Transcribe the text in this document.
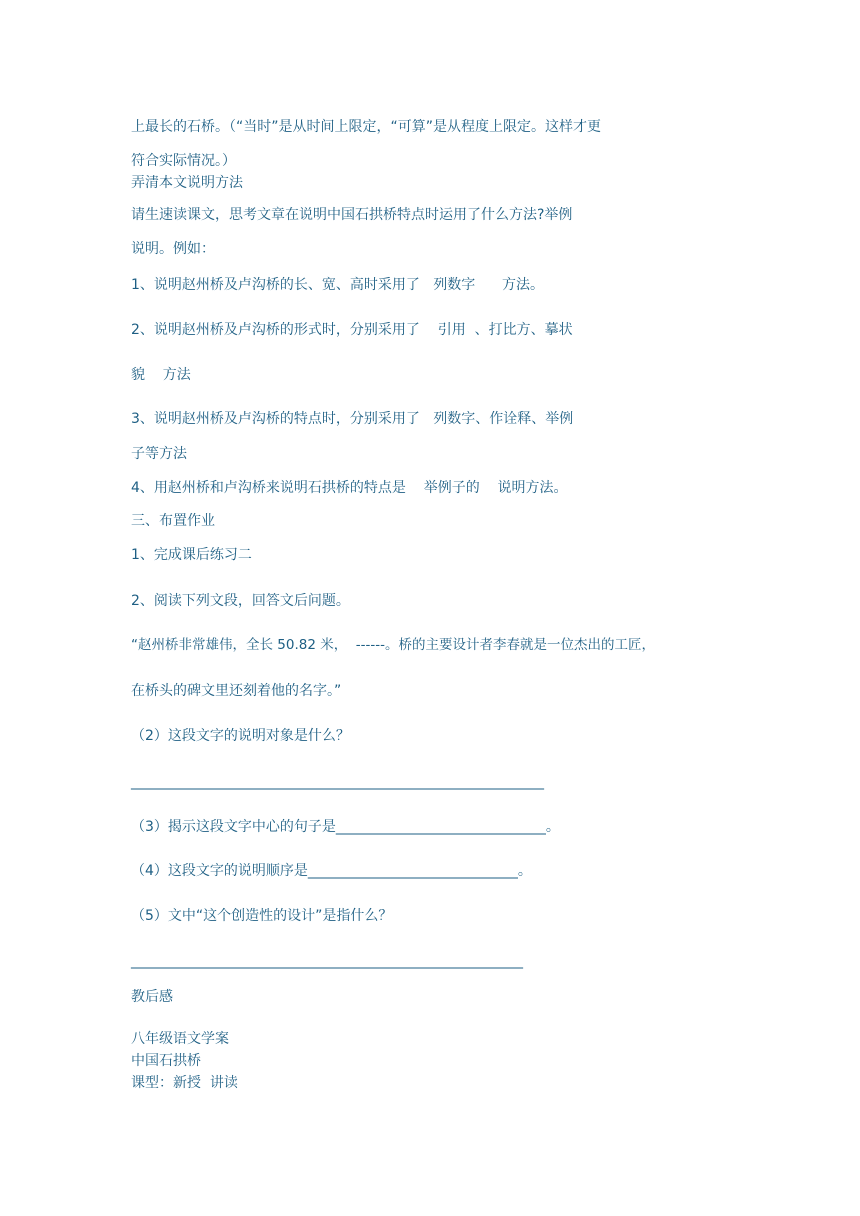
上最长的石桥。（“当时”是从时间上限定，“可算”是从程度上限定。这样才更
符合实际情况。）
弄清本文说明方法
请生速读课文，思考文章在说明中国石拱桥特点时运用了什么方法?举例
说明。例如：
1、说明赵州桥及卢沟桥的长、宽、高时采用了   列数字      方法。
2、说明赵州桥及卢沟桥的形式时，分别采用了    引用  、打比方、摹状
貌    方法
3、说明赵州桥及卢沟桥的特点时，分别采用了   列数字、作诠释、举例
子等方法
4、用赵州桥和卢沟桥来说明石拱桥的特点是    举例子的    说明方法。
三、布置作业
1、完成课后练习二
2、阅读下列文段，回答文后问题。
“赵州桥非常雄伟，全长 50.82 米，  ------。桥的主要设计者李春就是一位杰出的工匠，
在桥头的碑文里还刻着他的名字。”
（2）这段文字的说明对象是什么？
___________________________________________________________
（3）揭示这段文字中心的句子是______________________________。
（4）这段文字的说明顺序是______________________________。
（5）文中“这个创造性的设计”是指什么？
________________________________________________________
教后感
八年级语文学案
中国石拱桥
课型：新授  讲读
